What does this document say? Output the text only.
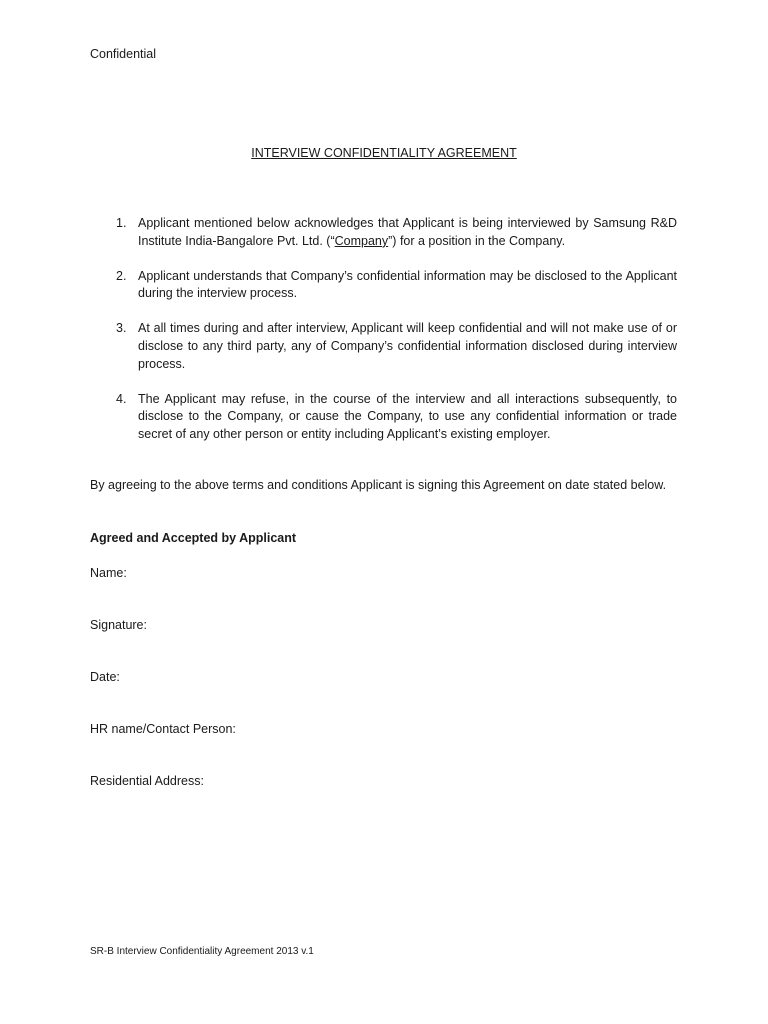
Confidential
INTERVIEW CONFIDENTIALITY AGREEMENT
1. Applicant mentioned below acknowledges that Applicant is being interviewed by Samsung R&D Institute India-Bangalore Pvt. Ltd. (“Company”) for a position in the Company.
2. Applicant understands that Company’s confidential information may be disclosed to the Applicant during the interview process.
3. At all times during and after interview, Applicant will keep confidential and will not make use of or disclose to any third party, any of Company’s confidential information disclosed during interview process.
4. The Applicant may refuse, in the course of the interview and all interactions subsequently, to disclose to the Company, or cause the Company, to use any confidential information or trade secret of any other person or entity including Applicant’s existing employer.
By agreeing to the above terms and conditions Applicant is signing this Agreement on date stated below.
Agreed and Accepted by Applicant
Name:
Signature:
Date:
HR name/Contact Person:
Residential Address:
SR-B Interview Confidentiality Agreement 2013 v.1
